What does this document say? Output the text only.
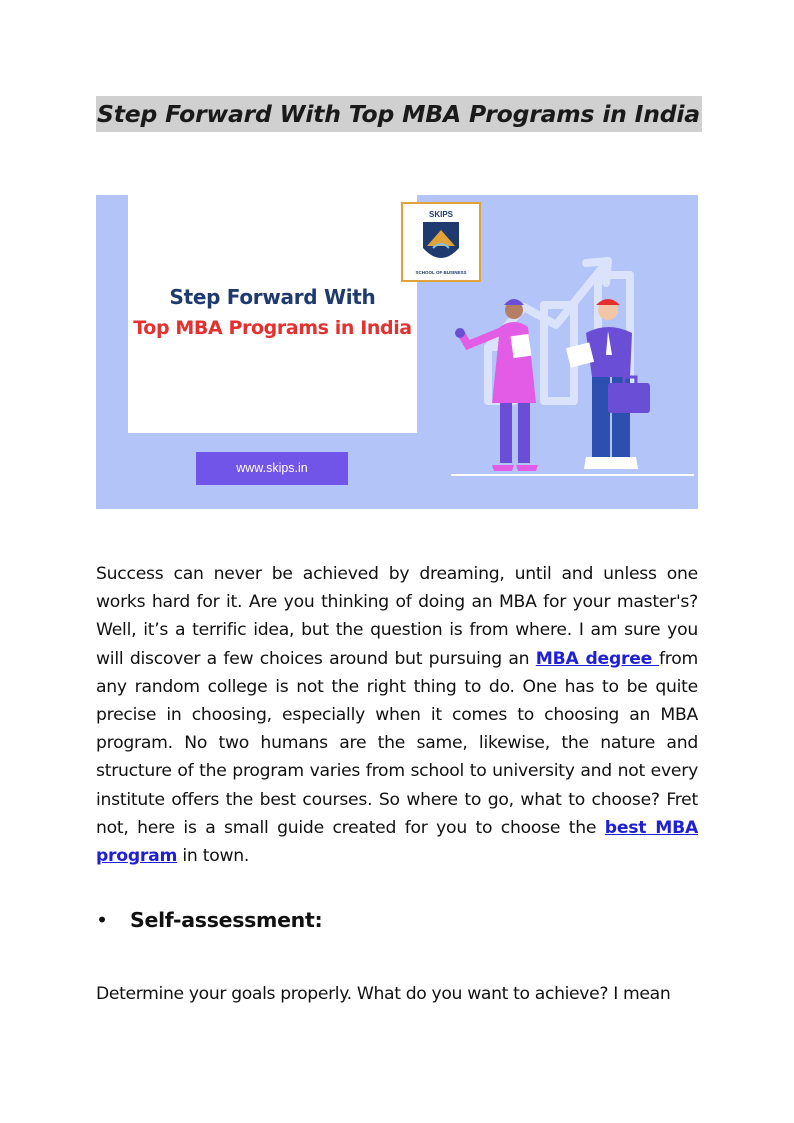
Step Forward With Top MBA Programs in India
Step Forward With
Top MBA Programs in India
www.skips.in
SKIPS
SCHOOL OF BUSINESS

Success can never be achieved by dreaming, until and unless one works hard for it. Are you thinking of doing an MBA for your master's? Well, it’s a terrific idea, but the question is from where. I am sure you will discover a few choices around but pursuing an MBA degree from any random college is not the right thing to do. One has to be quite precise in choosing, especially when it comes to choosing an MBA program. No two humans are the same, likewise, the nature and structure of the program varies from school to university and not every institute offers the best courses. So where to go, what to choose? Fret not, here is a small guide created for you to choose the best MBA program in town.

•	Self-assessment:

Determine your goals properly. What do you want to achieve? I mean
